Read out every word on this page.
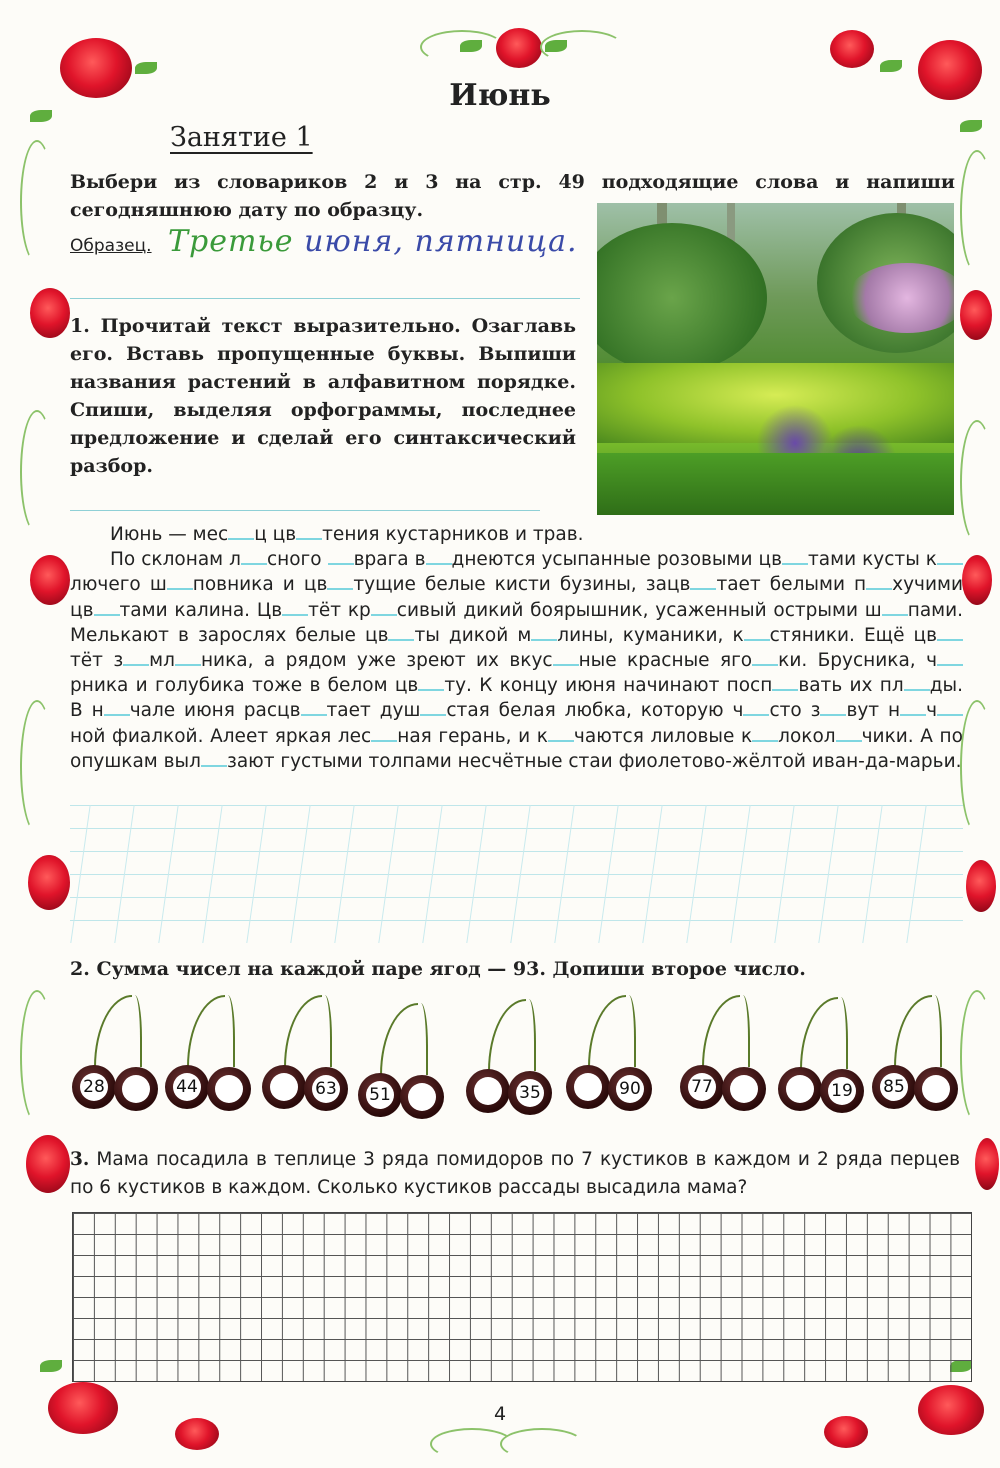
Июнь
Занятие 1
Выбери из словариков 2 и 3 на стр. 49 подходящие слова и напиши сегодняшнюю дату по образцу.
Образец. Третье июня, пятница.
1. Прочитай текст выразительно. Озаглавь его. Вставь пропущенные буквы. Выпиши названия растений в алфавитном порядке. Спиши, выделяя орфограммы, последнее предложение и сделай его синтаксический разбор.

Июнь — мес ц цв тения кустарников и трав.

По склонам л сного врага в днеются усыпанные розовыми цв тами кусты ключего ш повника и цв тущие белые кисти бузины, зацв тает белыми п хучими цв тами калина. Цв тёт кр сивый дикий боярышник, усаженный острыми ш пами. Мелькают в зарослях белые цв ты дикой м лины, куманики, к стяники. Ещё цвтёт з мл ника, а рядом уже зреют их вкус ные красные яго ки. Брусника, чрника и голубика тоже в белом цв ту. К концу июня начинают посп вать их пл ды. В н чале июня расцв тает душ стая белая любка, которую ч сто з вут н чной фиалкой. Алеет яркая лес ная герань, и к чаются лиловые к локол чики. А по опушкам выл зают густыми толпами несчётные стаи фиолетово-жёлтой иван-да-марьи.

2. Сумма чисел на каждой паре ягод — 93. Допиши второе число.
28	44	63 51	35	90	77	19 85
3. Мама посадила в теплице 3 ряда помидоров по 7 кустиков в каждом и 2 ряда перцев по 6 кустиков в каждом. Сколько кустиков рассады высадила мама?
4
